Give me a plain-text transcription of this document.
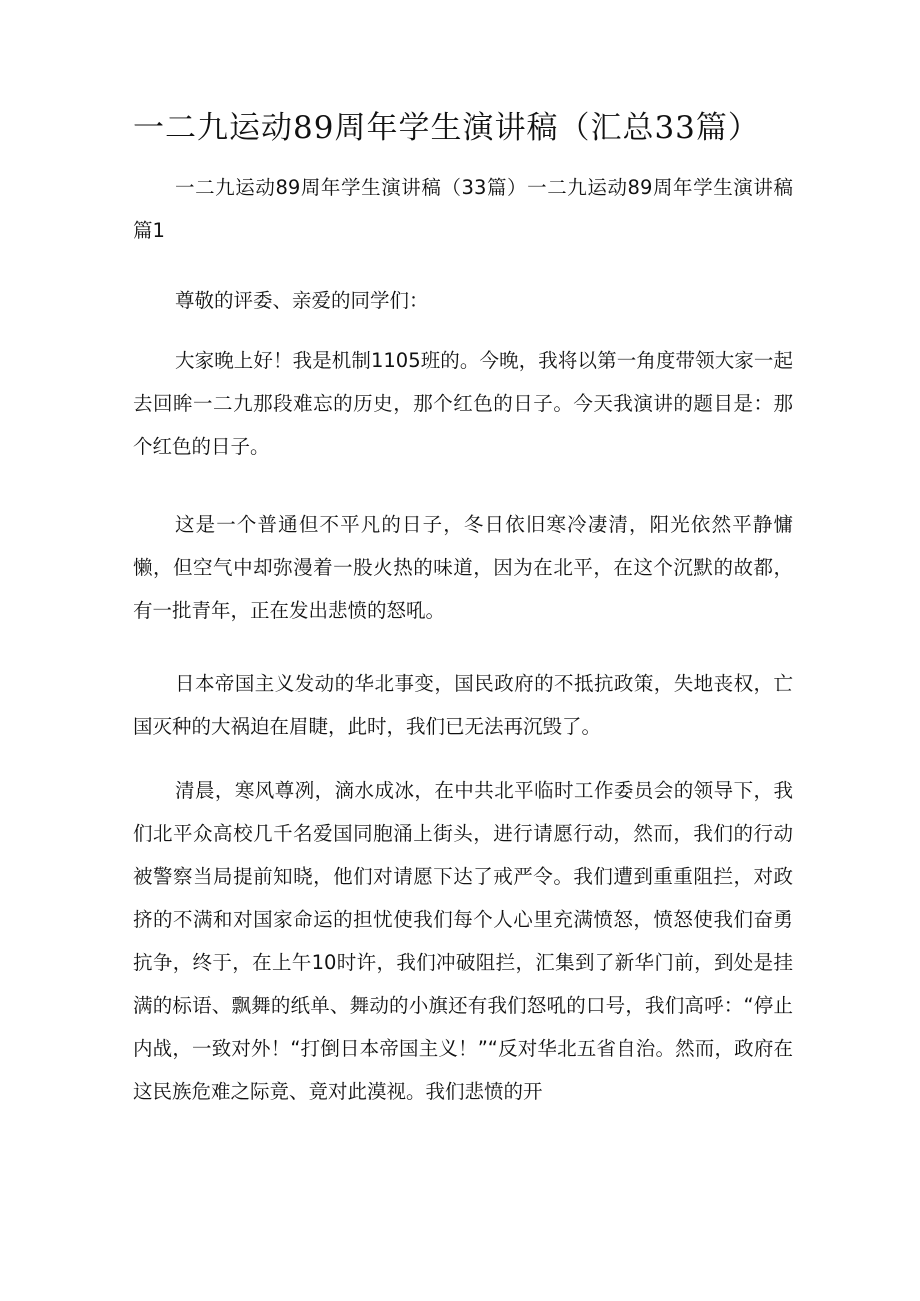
一二九运动89周年学生演讲稿（汇总33篇）

一二九运动89周年学生演讲稿（33篇）一二九运动89周年学生演讲稿篇1

尊敬的评委、亲爱的同学们：

大家晚上好！我是机制1105班的。今晚，我将以第一角度带领大家一起去回眸一二九那段难忘的历史，那个红色的日子。今天我演讲的题目是：那个红色的日子。

这是一个普通但不平凡的日子，冬日依旧寒冷凄清，阳光依然平静慵懒，但空气中却弥漫着一股火热的味道，因为在北平，在这个沉默的故都，有一批青年，正在发出悲愤的怒吼。

日本帝国主义发动的华北事变，国民政府的不抵抗政策，失地丧权，亡国灭种的大祸迫在眉睫，此时，我们已无法再沉毁了。

清晨，寒风尊冽，滴水成冰，在中共北平临时工作委员会的领导下，我们北平众高校几千名爱国同胞涌上街头，进行请愿行动，然而，我们的行动被警察当局提前知晓，他们对请愿下达了戒严令。我们遭到重重阻拦，对政挤的不满和对国家命运的担忧使我们每个人心里充满愤怒，愤怒使我们奋勇抗争，终于，在上午10时许，我们冲破阻拦，汇集到了新华门前，到处是挂满的标语、飘舞的纸单、舞动的小旗还有我们怒吼的口号，我们高呼：“停止内战，一致对外！“打倒日本帝国主义！”“反对华北五省自治。然而，政府在这民族危难之际竟、竟对此漠视。我们悲愤的开
